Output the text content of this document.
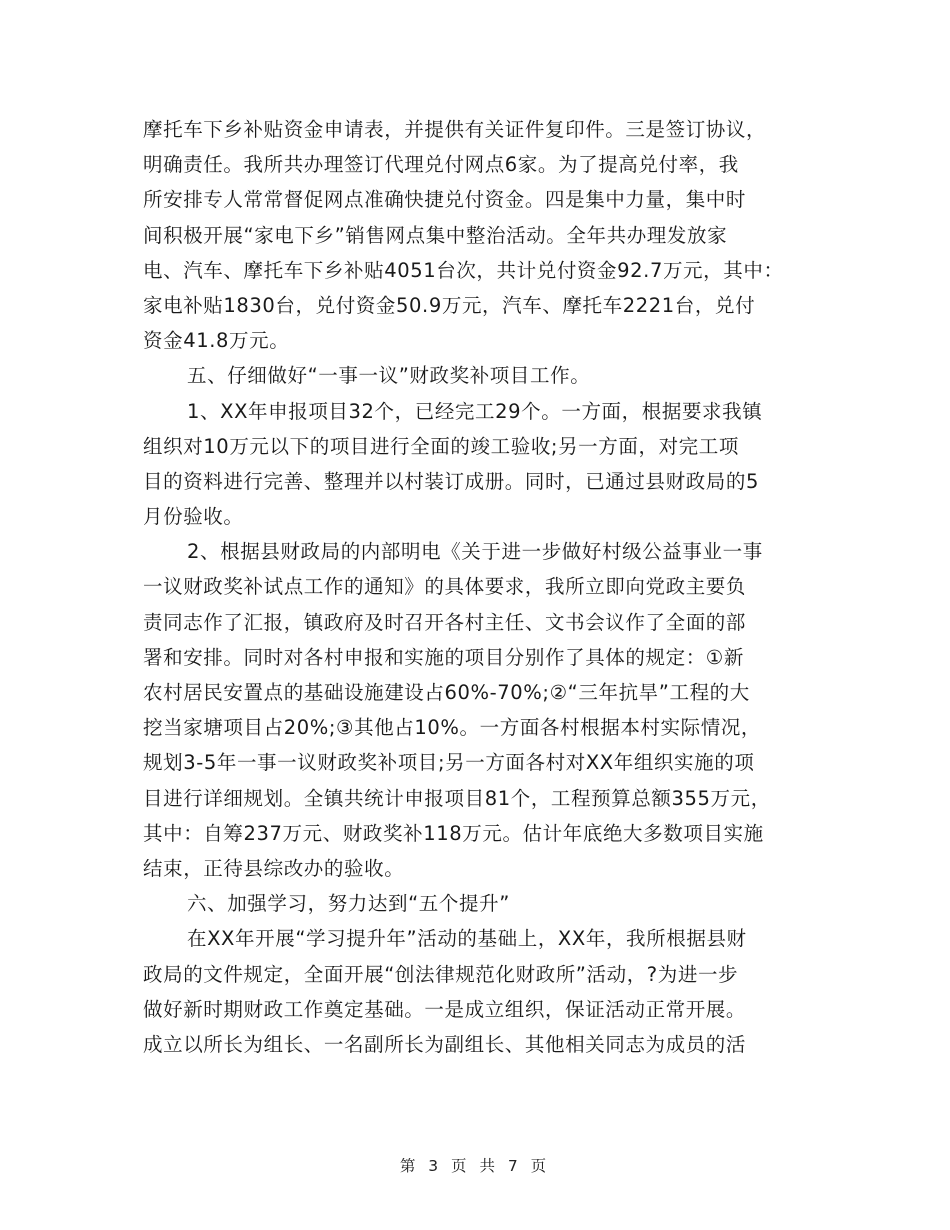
摩托车下乡补贴资金申请表，并提供有关证件复印件。三是签订协议，
明确责任。我所共办理签订代理兑付网点6家。为了提高兑付率，我
所安排专人常常督促网点准确快捷兑付资金。四是集中力量，集中时
间积极开展“家电下乡”销售网点集中整治活动。全年共办理发放家
电、汽车、摩托车下乡补贴4051台次，共计兑付资金92.7万元，其中：
家电补贴1830台，兑付资金50.9万元，汽车、摩托车2221台，兑付
资金41.8万元。
五、仔细做好“一事一议”财政奖补项目工作。
1、XX年申报项目32个，已经完工29个。一方面，根据要求我镇
组织对10万元以下的项目进行全面的竣工验收;另一方面，对完工项
目的资料进行完善、整理并以村装订成册。同时，已通过县财政局的5
月份验收。
2、根据县财政局的内部明电《关于进一步做好村级公益事业一事
一议财政奖补试点工作的通知》的具体要求，我所立即向党政主要负
责同志作了汇报，镇政府及时召开各村主任、文书会议作了全面的部
署和安排。同时对各村申报和实施的项目分别作了具体的规定：①新
农村居民安置点的基础设施建设占60%-70%;②“三年抗旱”工程的大
挖当家塘项目占20%;③其他占10%。一方面各村根据本村实际情况，
规划3-5年一事一议财政奖补项目;另一方面各村对XX年组织实施的项
目进行详细规划。全镇共统计申报项目81个，工程预算总额355万元，
其中：自筹237万元、财政奖补118万元。估计年底绝大多数项目实施
结束，正待县综改办的验收。
六、加强学习，努力达到“五个提升”
在XX年开展“学习提升年”活动的基础上，XX年，我所根据县财
政局的文件规定，全面开展“创法律规范化财政所”活动，?为进一步
做好新时期财政工作奠定基础。一是成立组织，保证活动正常开展。
成立以所长为组长、一名副所长为副组长、其他相关同志为成员的活
第 3 页 共 7 页
